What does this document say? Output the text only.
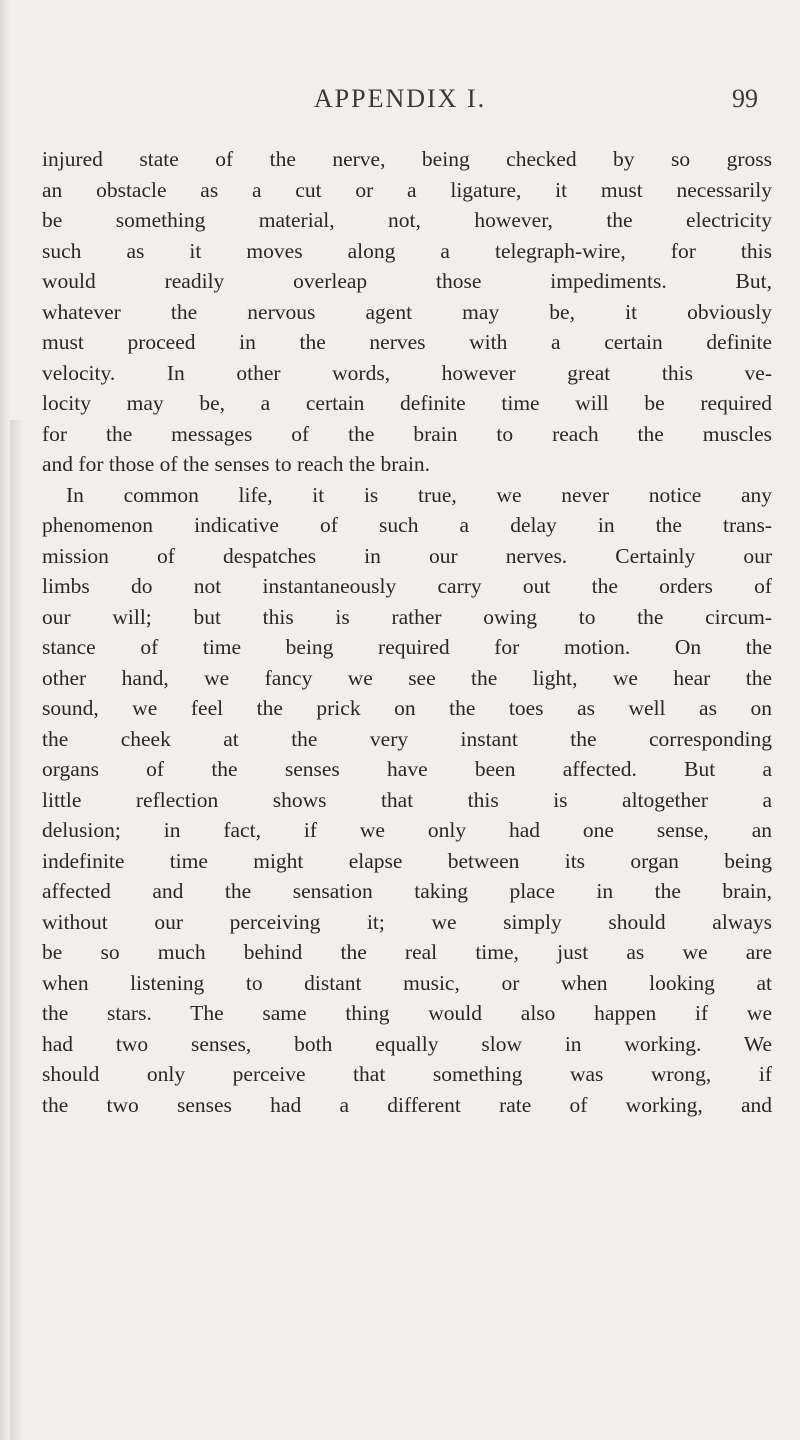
APPENDIX I.	99
injured state of the nerve, being checked by so gross
an obstacle as a cut or a ligature, it must necessarily
be something material, not, however, the electricity
such as it moves along a telegraph-wire, for this
would readily overleap those impediments. But,
whatever the nervous agent may be, it obviously
must proceed in the nerves with a certain definite
velocity. In other words, however great this ve-
locity may be, a certain definite time will be required
for the messages of the brain to reach the muscles
and for those of the senses to reach the brain.
In common life, it is true, we never notice any
phenomenon indicative of such a delay in the trans-
mission of despatches in our nerves. Certainly our
limbs do not instantaneously carry out the orders of
our will; but this is rather owing to the circum-
stance of time being required for motion. On the
other hand, we fancy we see the light, we hear the
sound, we feel the prick on the toes as well as on
the cheek at the very instant the corresponding
organs of the senses have been affected. But a
little reflection shows that this is altogether a
delusion; in fact, if we only had one sense, an
indefinite time might elapse between its organ being
affected and the sensation taking place in the brain,
without our perceiving it; we simply should always
be so much behind the real time, just as we are
when listening to distant music, or when looking at
the stars. The same thing would also happen if we
had two senses, both equally slow in working. We
should only perceive that something was wrong, if
the two senses had a different rate of working, and
